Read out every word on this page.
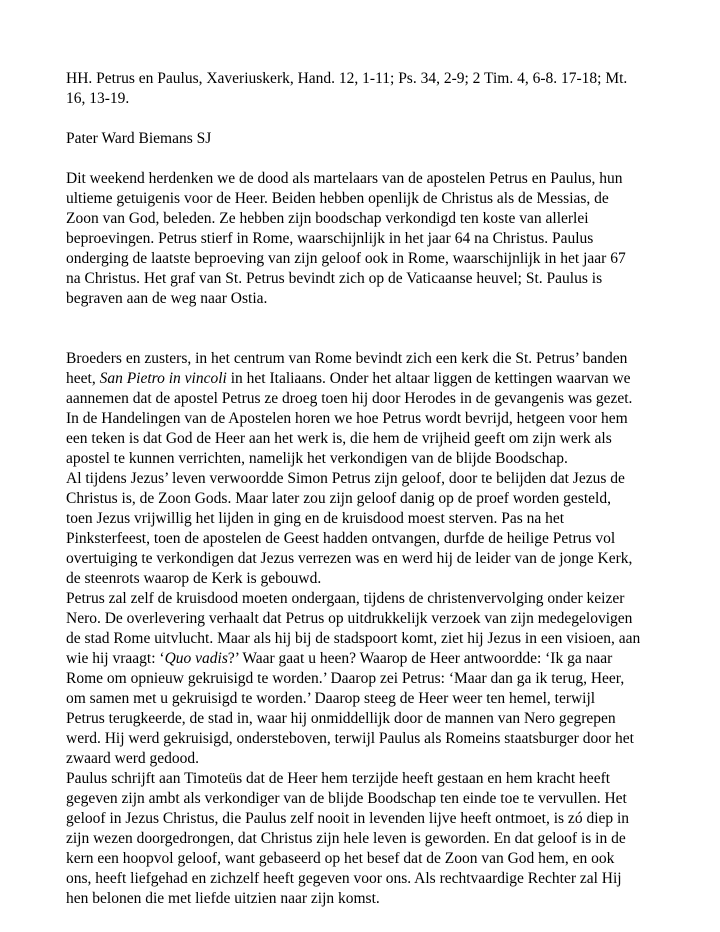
HH. Petrus en Paulus, Xaveriuskerk, Hand. 12, 1-11; Ps. 34, 2-9; 2 Tim. 4, 6-8. 17-18; Mt.
16, 13-19.

Pater Ward Biemans SJ

Dit weekend herdenken we de dood als martelaars van de apostelen Petrus en Paulus, hun
ultieme getuigenis voor de Heer. Beiden hebben openlijk de Christus als de Messias, de
Zoon van God, beleden. Ze hebben zijn boodschap verkondigd ten koste van allerlei
beproevingen. Petrus stierf in Rome, waarschijnlijk in het jaar 64 na Christus. Paulus
onderging de laatste beproeving van zijn geloof ook in Rome, waarschijnlijk in het jaar 67
na Christus. Het graf van St. Petrus bevindt zich op de Vaticaanse heuvel; St. Paulus is
begraven aan de weg naar Ostia.

Broeders en zusters, in het centrum van Rome bevindt zich een kerk die St. Petrus’ banden
heet, San Pietro in vincoli in het Italiaans. Onder het altaar liggen de kettingen waarvan we
aannemen dat de apostel Petrus ze droeg toen hij door Herodes in de gevangenis was gezet.
In de Handelingen van de Apostelen horen we hoe Petrus wordt bevrijd, hetgeen voor hem
een teken is dat God de Heer aan het werk is, die hem de vrijheid geeft om zijn werk als
apostel te kunnen verrichten, namelijk het verkondigen van de blijde Boodschap.

Al tijdens Jezus’ leven verwoordde Simon Petrus zijn geloof, door te belijden dat Jezus de
Christus is, de Zoon Gods. Maar later zou zijn geloof danig op de proef worden gesteld,
toen Jezus vrijwillig het lijden in ging en de kruisdood moest sterven. Pas na het
Pinksterfeest, toen de apostelen de Geest hadden ontvangen, durfde de heilige Petrus vol
overtuiging te verkondigen dat Jezus verrezen was en werd hij de leider van de jonge Kerk,
de steenrots waarop de Kerk is gebouwd.

Petrus zal zelf de kruisdood moeten ondergaan, tijdens de christenvervolging onder keizer
Nero. De overlevering verhaalt dat Petrus op uitdrukkelijk verzoek van zijn medegelovigen
de stad Rome uitvlucht. Maar als hij bij de stadspoort komt, ziet hij Jezus in een visioen, aan
wie hij vraagt: ‘Quo vadis?’ Waar gaat u heen? Waarop de Heer antwoordde: ‘Ik ga naar
Rome om opnieuw gekruisigd te worden.’ Daarop zei Petrus: ‘Maar dan ga ik terug, Heer,
om samen met u gekruisigd te worden.’ Daarop steeg de Heer weer ten hemel, terwijl
Petrus terugkeerde, de stad in, waar hij onmiddellijk door de mannen van Nero gegrepen
werd. Hij werd gekruisigd, ondersteboven, terwijl Paulus als Romeins staatsburger door het
zwaard werd gedood.

Paulus schrijft aan Timoteüs dat de Heer hem terzijde heeft gestaan en hem kracht heeft
gegeven zijn ambt als verkondiger van de blijde Boodschap ten einde toe te vervullen. Het
geloof in Jezus Christus, die Paulus zelf nooit in levenden lijve heeft ontmoet, is zó diep in
zijn wezen doorgedrongen, dat Christus zijn hele leven is geworden. En dat geloof is in de
kern een hoopvol geloof, want gebaseerd op het besef dat de Zoon van God hem, en ook
ons, heeft liefgehad en zichzelf heeft gegeven voor ons. Als rechtvaardige Rechter zal Hij
hen belonen die met liefde uitzien naar zijn komst.
